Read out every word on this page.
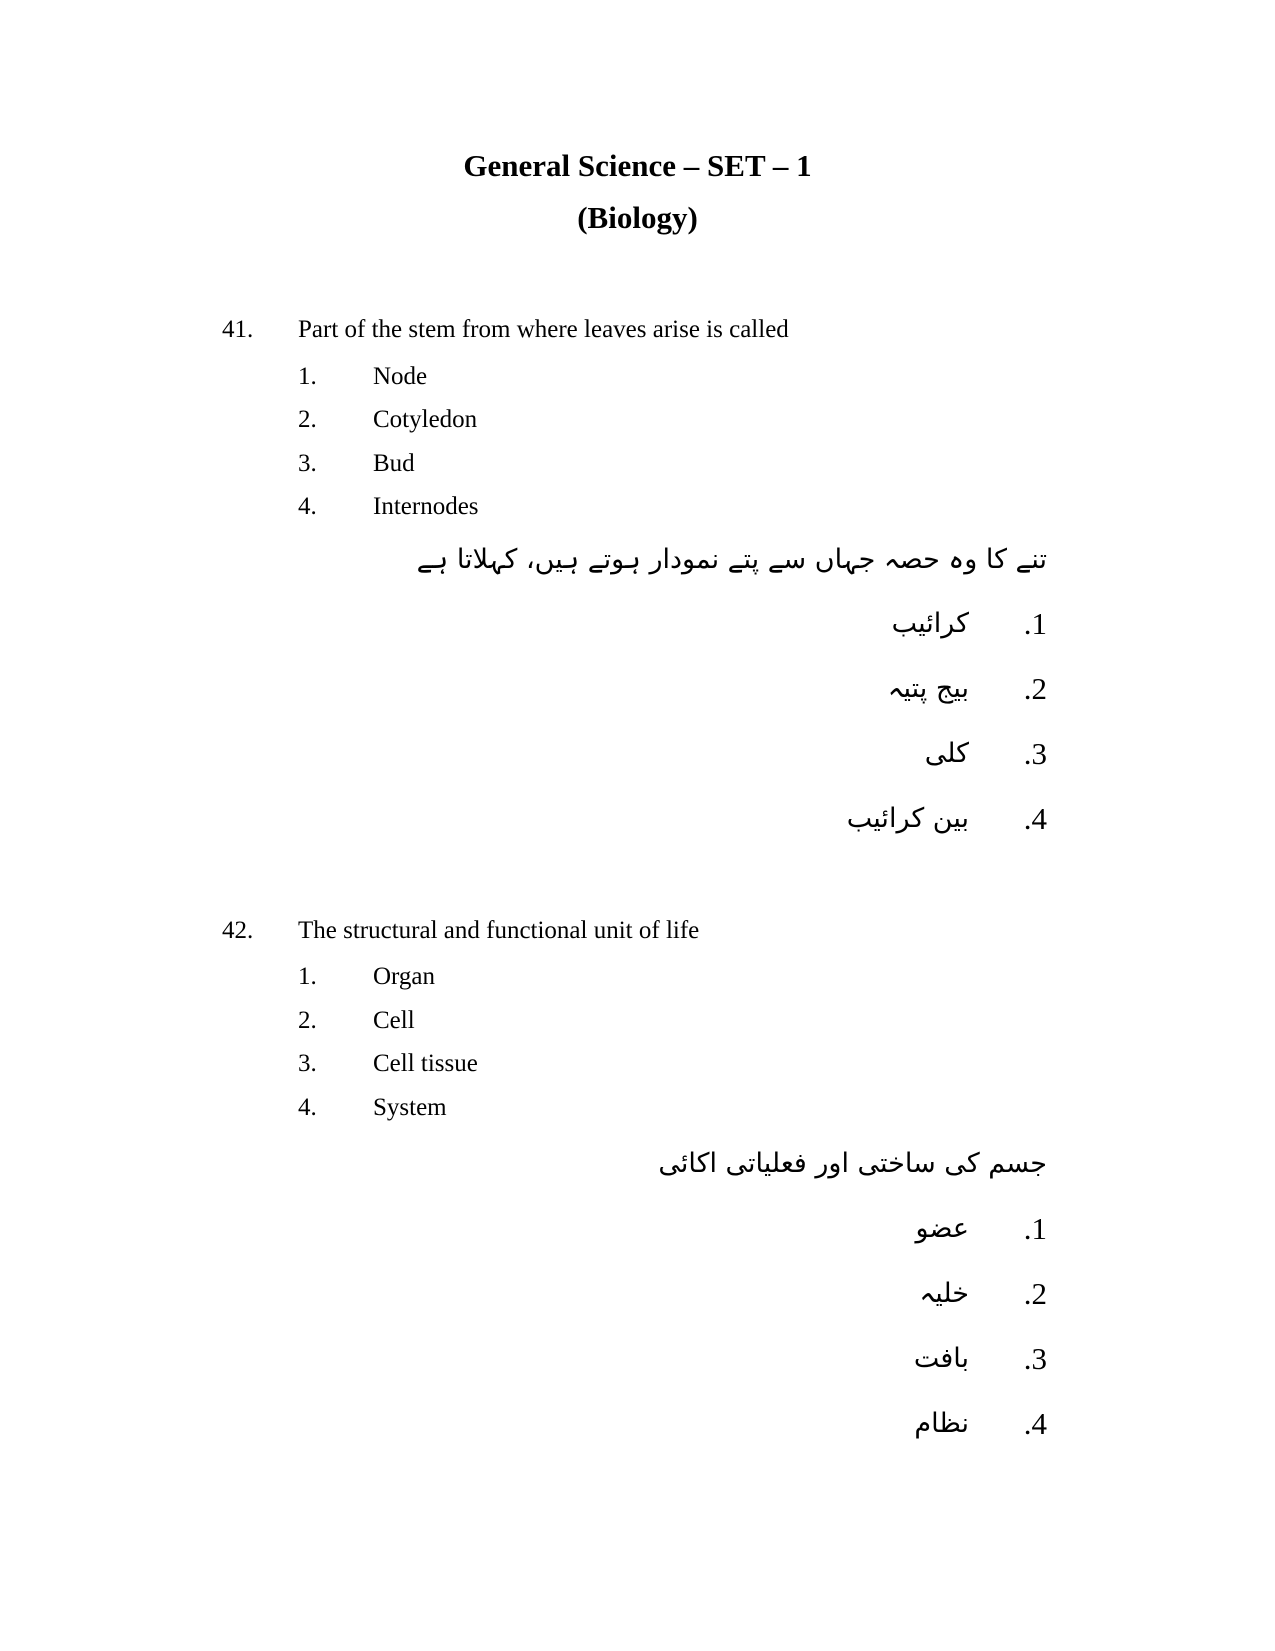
General Science – SET – 1
(Biology)
41. Part of the stem from where leaves arise is called
1. Node
2. Cotyledon
3. Bud
4. Internodes
تنے کا وہ حصہ جہاں سے پتے نمودار ہوتے ہیں، کہلاتا ہے
.1
کرائیب
.2
بیج پتیہ
.3
کلی
.4
بین کرائیب
42. The structural and functional unit of life
1. Organ
2. Cell
3. Cell tissue
4. System
جسم کی ساختی اور فعلیاتی اکائی
.1
عضو
.2
خلیہ
.3
بافت
.4
نظام
